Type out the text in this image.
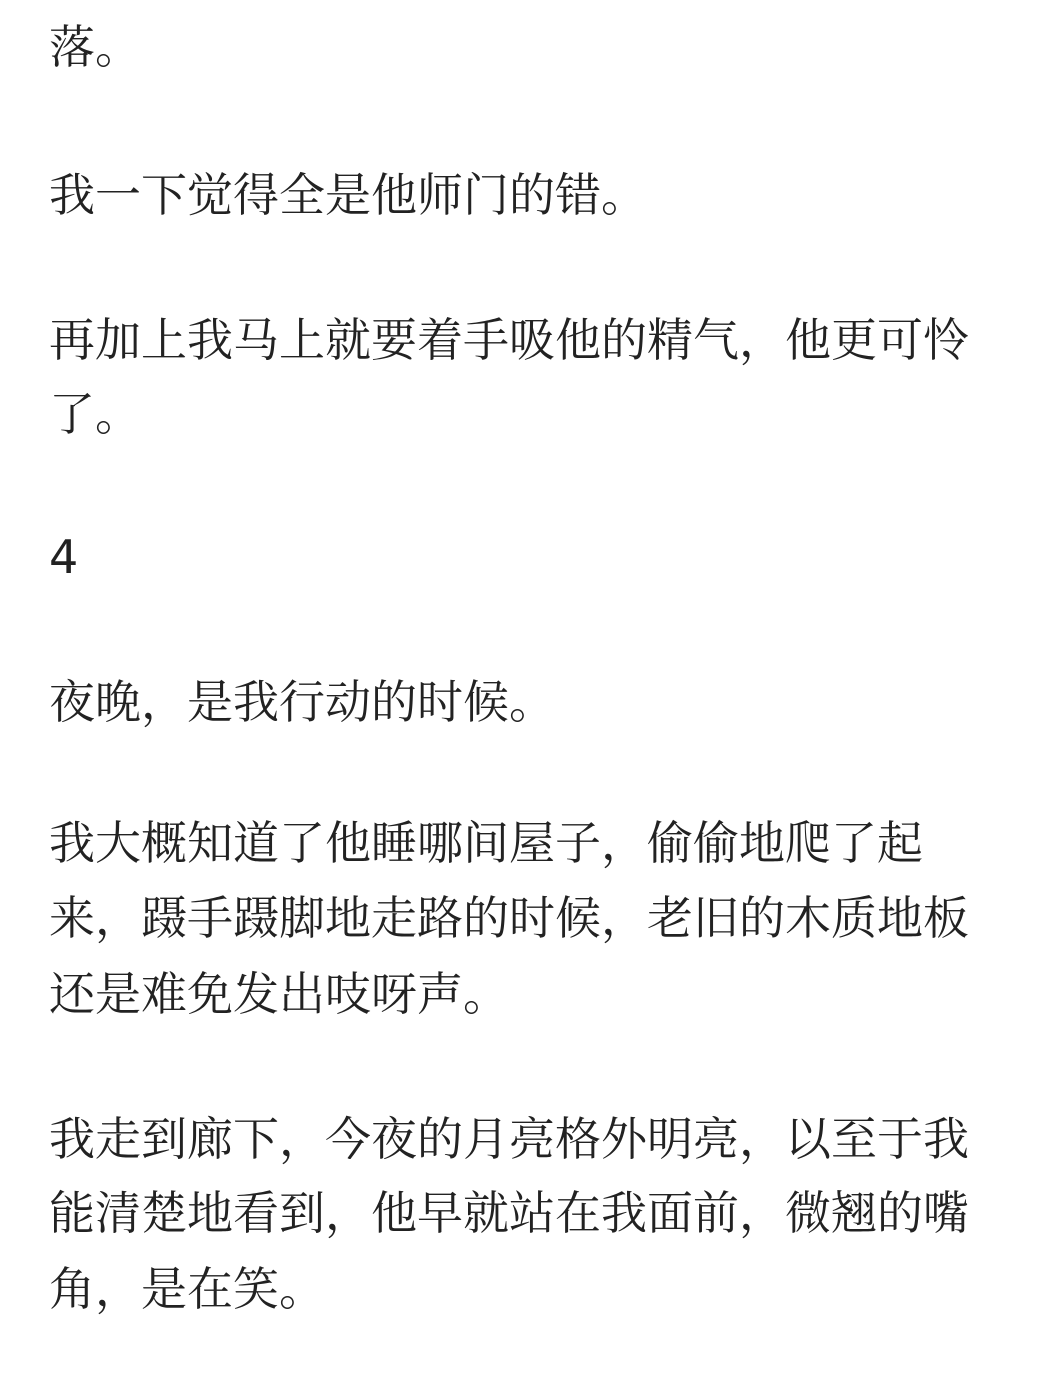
落。
我一下觉得全是他师门的错。
再加上我马上就要着手吸他的精气，他更可怜
了。
4
夜晚，是我行动的时候。
我大概知道了他睡哪间屋子，偷偷地爬了起
来，蹑手蹑脚地走路的时候，老旧的木质地板
还是难免发出吱呀声。
我走到廊下，今夜的月亮格外明亮，以至于我
能清楚地看到，他早就站在我面前，微翘的嘴
角，是在笑。
